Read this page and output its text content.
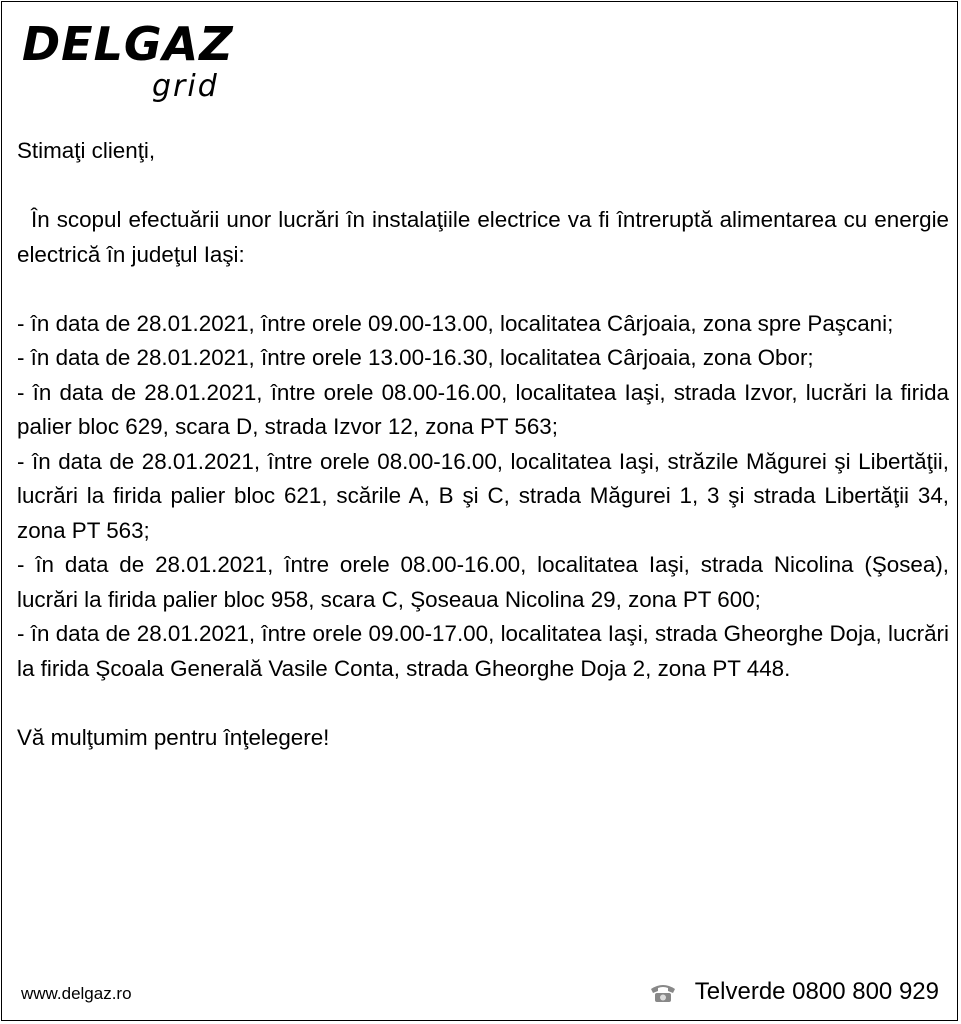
DELGAZ
grid

Stimaţi clienţi,

În scopul efectuării unor lucrări în instalaţiile electrice va fi întreruptă alimentarea cu energie electrică în judeţul Iaşi:

- în data de 28.01.2021, între orele 09.00-13.00, localitatea Cârjoaia, zona spre Paşcani;

- în data de 28.01.2021, între orele 13.00-16.30, localitatea Cârjoaia, zona Obor;

- în data de 28.01.2021, între orele 08.00-16.00, localitatea Iaşi, strada Izvor, lucrări la firida palier bloc 629, scara D, strada Izvor 12, zona PT 563;

- în data de 28.01.2021, între orele 08.00-16.00, localitatea Iaşi, străzile Măgurei şi Libertăţii, lucrări la firida palier bloc 621, scările A, B şi C, strada Măgurei 1, 3 şi strada Libertăţii 34, zona PT 563;

- în data de 28.01.2021, între orele 08.00-16.00, localitatea Iaşi, strada Nicolina (Şosea), lucrări la firida palier bloc 958, scara C, Şoseaua Nicolina 29, zona PT 600;

- în data de 28.01.2021, între orele 09.00-17.00, localitatea Iaşi, strada Gheorghe Doja, lucrări la firida Şcoala Generală Vasile Conta, strada Gheorghe Doja 2, zona PT 448.

Vă mulţumim pentru înţelegere!

www.delgaz.ro	Telverde 0800 800 929
